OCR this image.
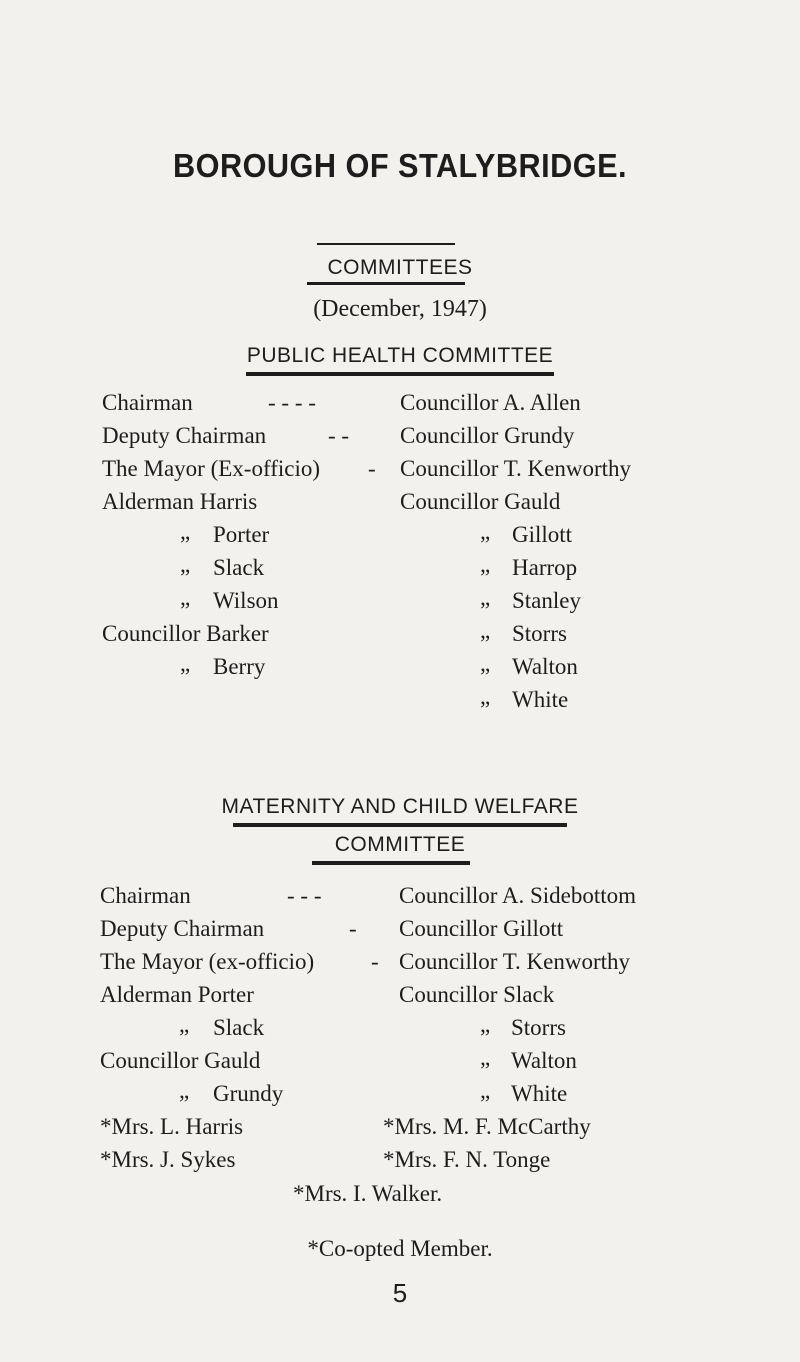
BOROUGH OF STALYBRIDGE.
COMMITTEES
(December, 1947)
PUBLIC HEALTH COMMITTEE
Chairman	- - - -	Councillor A. Allen
Deputy Chairman	- - Councillor Grundy
The Mayor (Ex-officio) - Councillor T. Kenworthy
Alderman Harris	Councillor Gauld
„ Porter	„ Gillott
„ Slack	„ Harrop
„ Wilson	„ Stanley
Councillor Barker	„ Storrs
„ Berry	„ Walton
„ White
MATERNITY AND CHILD WELFARE
COMMITTEE
Chairman	- - -	Councillor A. Sidebottom
Deputy Chairman	- Councillor Gillott
The Mayor (ex-officio) - Councillor T. Kenworthy
Alderman Porter	Councillor Slack
„ Slack	„ Storrs
Councillor Gauld	„ Walton
„ Grundy	„ White
*Mrs. L. Harris	*Mrs. M. F. McCarthy
*Mrs. J. Sykes	*Mrs. F. N. Tonge
*Mrs. I. Walker.
*Co-opted Member.
5
